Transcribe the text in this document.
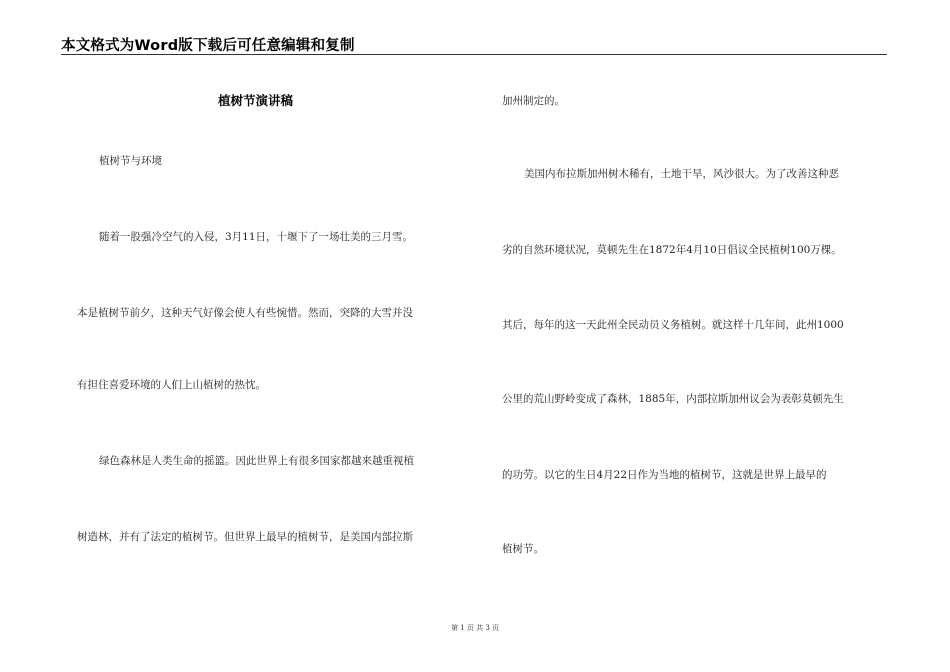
本文格式为Word版下载后可任意编辑和复制
植树节演讲稿
植树节与环境
随着一股强冷空气的入侵，3月11日，十堰下了一场壮美的三月雪。
本是植树节前夕，这种天气好像会使人有些惋惜。然而，突降的大雪并没
有担住喜爱环境的人们上山植树的热忱。
绿色森林是人类生命的摇篮。因此世界上有很多国家都越来越重视植
树造林，并有了法定的植树节。但世界上最早的植树节，是美国内部拉斯
加州制定的。
美国内布拉斯加州树木稀有，土地干旱，风沙很大。为了改善这种恶
劣的自然环境状况，莫顿先生在1872年4月10日倡议全民植树100万棵。
其后，每年的这一天此州全民动员义务植树。就这样十几年间，此州1000
公里的荒山野岭变成了森林，1885年，内部拉斯加州议会为表彰莫顿先生
的功劳。以它的生日4月22日作为当地的植树节，这就是世界上最早的
植树节。
第 1 页 共 3 页
